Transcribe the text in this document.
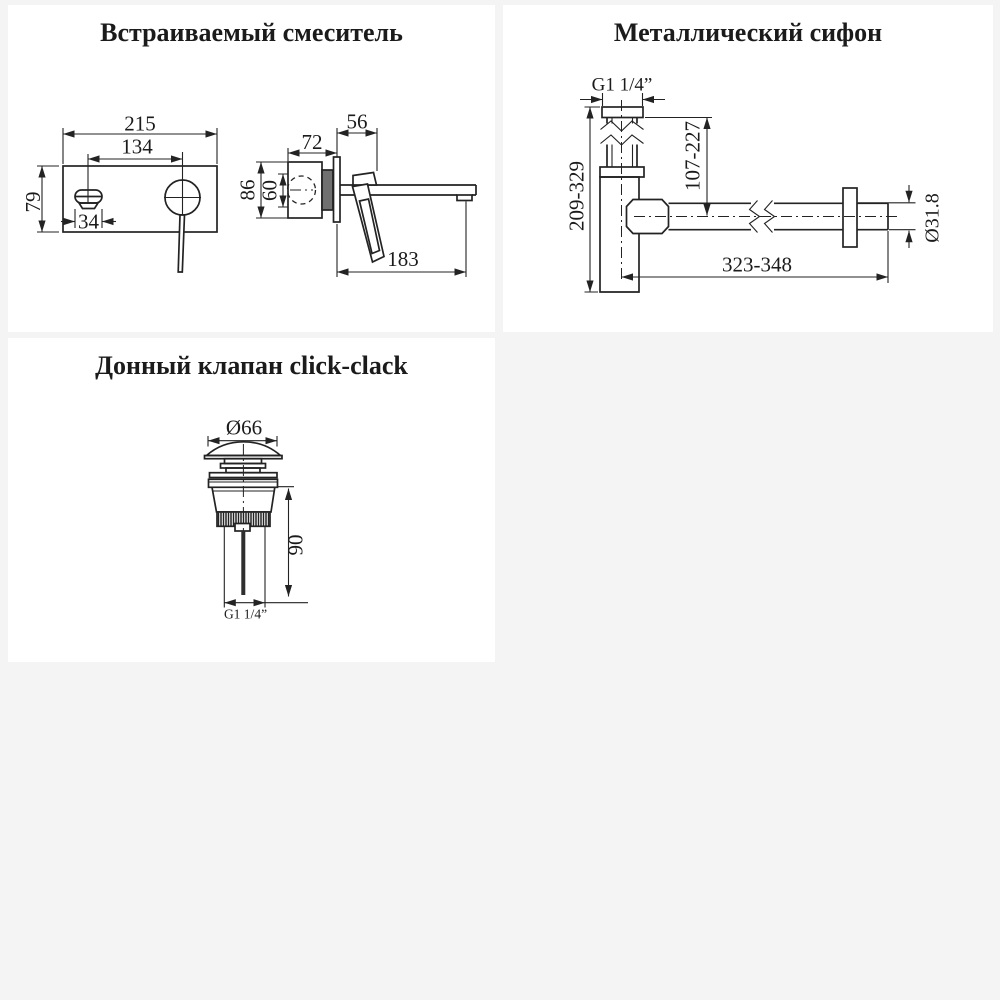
Встраиваемый смеситель
215
134
79
34
72
56
86
60
183
Металлический сифон
G1 1/4”
209-329
107-227
323-348
Ø31.8
Донный клапан click-clack
Ø66
90
G1 1/4”
